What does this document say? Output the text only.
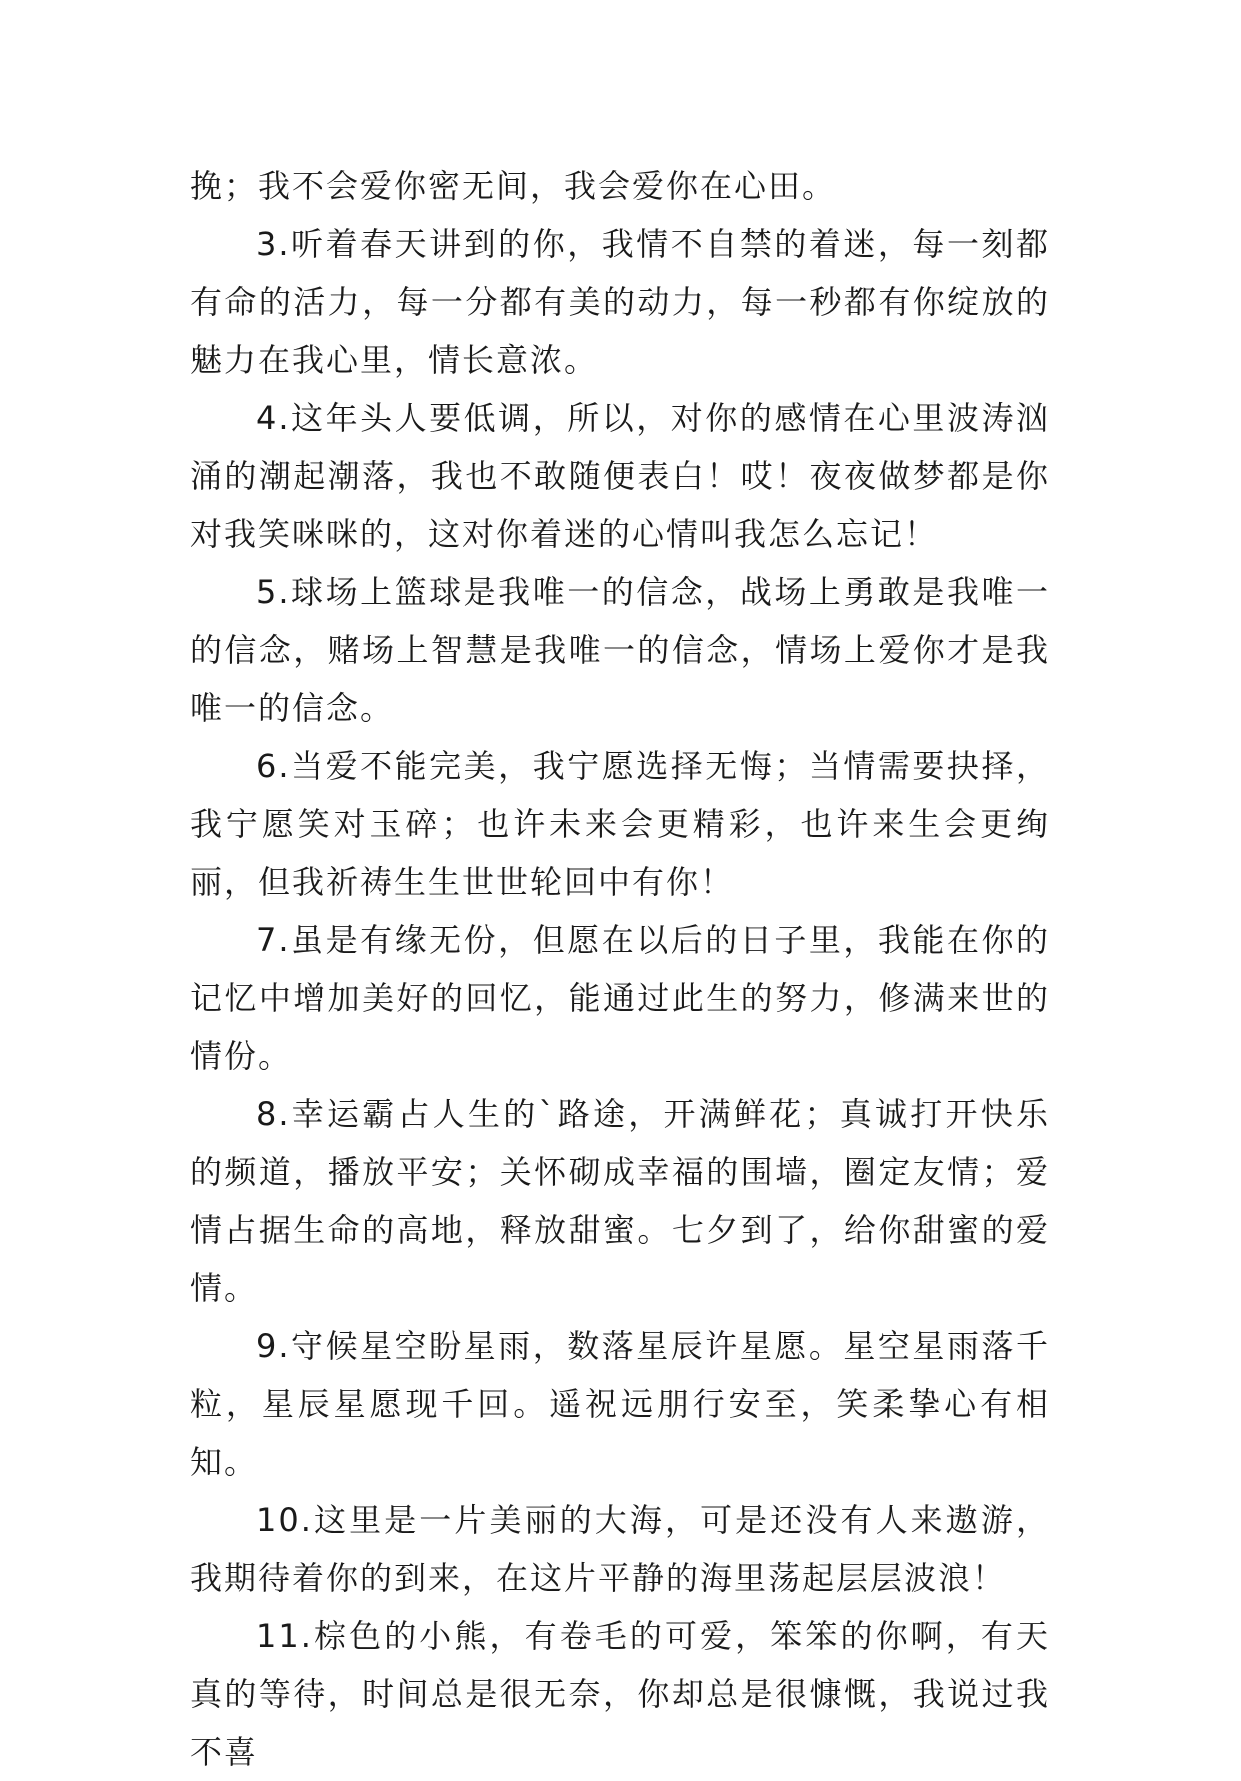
挽；我不会爱你密无间，我会爱你在心田。

3.听着春天讲到的你，我情不自禁的着迷，每一刻都有命的活力，每一分都有美的动力，每一秒都有你绽放的魅力在我心里，情长意浓。

4.这年头人要低调，所以，对你的感情在心里波涛汹涌的潮起潮落，我也不敢随便表白！哎！夜夜做梦都是你对我笑咪咪的，这对你着迷的心情叫我怎么忘记！

5.球场上篮球是我唯一的信念，战场上勇敢是我唯一的信念，赌场上智慧是我唯一的信念，情场上爱你才是我唯一的信念。

6.当爱不能完美，我宁愿选择无悔；当情需要抉择，我宁愿笑对玉碎；也许未来会更精彩，也许来生会更绚丽，但我祈祷生生世世轮回中有你！

7.虽是有缘无份，但愿在以后的日子里，我能在你的记忆中增加美好的回忆，能通过此生的努力，修满来世的情份。

8.幸运霸占人生的`路途，开满鲜花；真诚打开快乐的频道，播放平安；关怀砌成幸福的围墙，圈定友情；爱情占据生命的高地，释放甜蜜。七夕到了，给你甜蜜的爱情。

9.守候星空盼星雨，数落星辰许星愿。星空星雨落千粒，星辰星愿现千回。遥祝远朋行安至，笑柔挚心有相知。

10.这里是一片美丽的大海，可是还没有人来遨游，我期待着你的到来，在这片平静的海里荡起层层波浪！

11.棕色的小熊，有卷毛的可爱，笨笨的你啊，有天真的等待，时间总是很无奈，你却总是很慷慨，我说过我不喜
